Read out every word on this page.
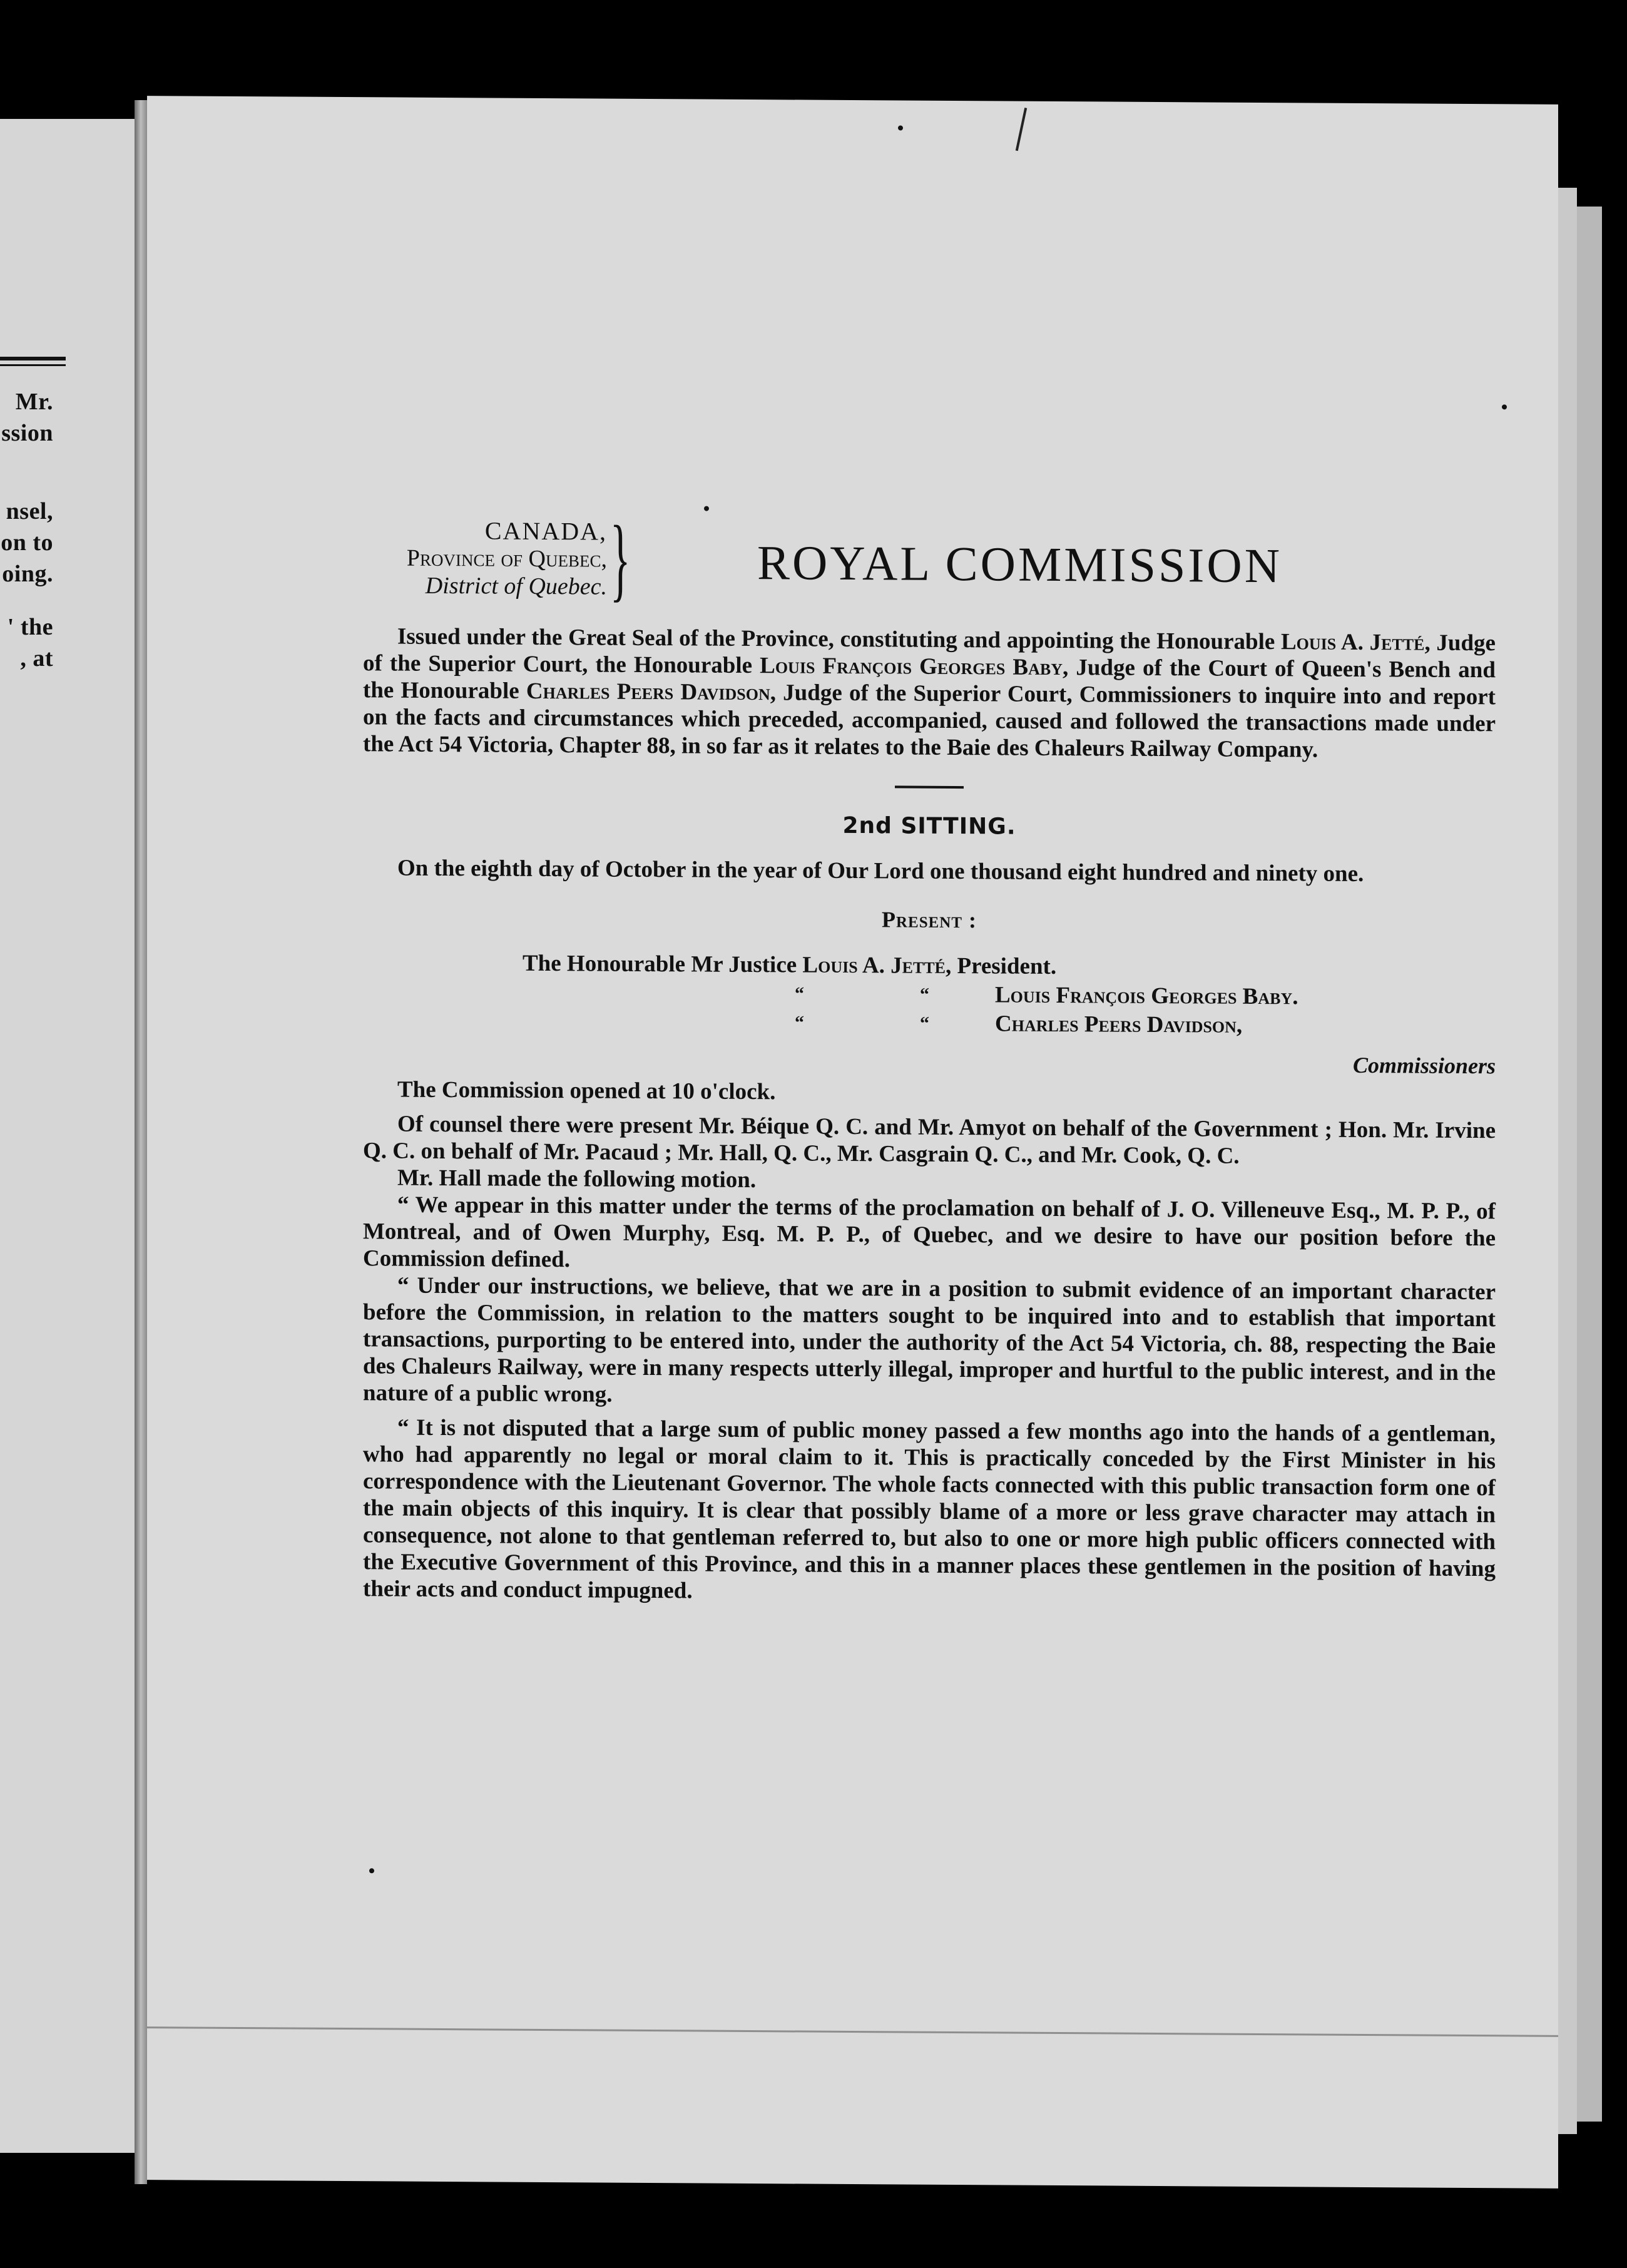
Mr.
ssion
nsel,
on to
oing.
' the
, at
CANADA,
Province of Quebec,
District of Quebec. }	ROYAL COMMISSION

Issued under the Great Seal of the Province, constituting and appointing the Honourable Louis A. Jetté, Judge of the Superior Court, the Honourable Louis François Georges Baby, Judge of the Court of Queen's Bench and the Honourable Charles Peers Davidson, Judge of the Superior Court, Commissioners to inquire into and report on the facts and circumstances which preceded, accompanied, caused and followed the transactions made under the Act 54 Victoria, Chapter 88, in so far as it relates to the Baie des Chaleurs Railway Company.

2nd SITTING.

On the eighth day of October in the year of Our Lord one thousand eight hundred and ninety one.

Present :
The Honourable Mr Justice Louis A. Jetté, President.
“	“	Louis François Georges Baby.
“	“	Charles Peers Davidson,
Commissioners

The Commission opened at 10 o'clock.

Of counsel there were present Mr. Béique Q. C. and Mr. Amyot on behalf of the Government ; Hon. Mr. Irvine Q. C. on behalf of Mr. Pacaud ; Mr. Hall, Q. C., Mr. Casgrain Q. C., and Mr. Cook, Q. C.

Mr. Hall made the following motion.

“ We appear in this matter under the terms of the proclamation on behalf of J. O. Villeneuve Esq., M. P. P., of Montreal, and of Owen Murphy, Esq. M. P. P., of Quebec, and we desire to have our position before the Commission defined.

“ Under our instructions, we believe, that we are in a position to submit evidence of an important character before the Commission, in relation to the matters sought to be inquired into and to establish that important transactions, purporting to be entered into, under the authority of the Act 54 Victoria, ch. 88, respecting the Baie des Chaleurs Railway, were in many respects utterly illegal, improper and hurtful to the public interest, and in the nature of a public wrong.

“ It is not disputed that a large sum of public money passed a few months ago into the hands of a gentleman, who had apparently no legal or moral claim to it. This is practically conceded by the First Minister in his correspondence with the Lieutenant Governor. The whole facts connected with this public transaction form one of the main objects of this inquiry. It is clear that possibly blame of a more or less grave character may attach in consequence, not alone to that gentleman referred to, but also to one or more high public officers connected with the Executive Government of this Province, and this in a manner places these gentlemen in the position of having their acts and conduct impugned.
